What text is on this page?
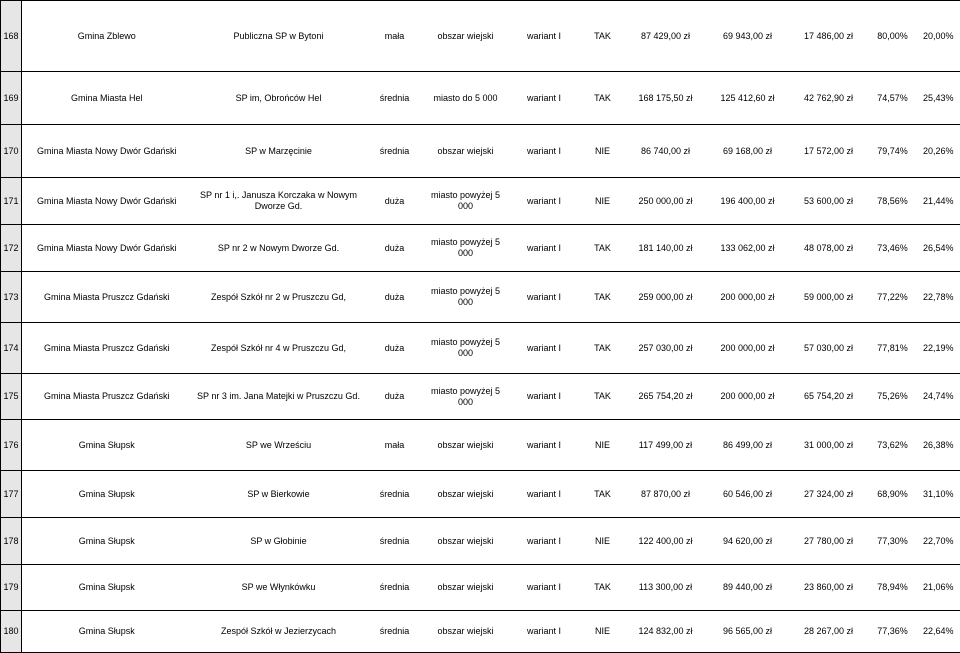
168	Gmina Zblewo	Publiczna SP w Bytoni	mała	obszar wiejski	wariant I	TAK	87 429,00 zł	69 943,00 zł	17 486,00 zł	80,00%	20,00%
169	Gmina Miasta Hel	SP im, Obrońców Hel	średnia	miasto do 5 000	wariant I	TAK	168 175,50 zł	125 412,60 zł	42 762,90 zł	74,57%	25,43%
170	Gmina Miasta Nowy Dwór Gdański	SP w Marzęcinie	średnia	obszar wiejski	wariant I	NIE	86 740,00 zł	69 168,00 zł	17 572,00 zł	79,74%	20,26%
171	Gmina Miasta Nowy Dwór Gdański	SP nr 1 i,. Janusza Korczaka w Nowym Dworze Gd.	duża	miasto powyżej 5 000	wariant I	NIE	250 000,00 zł	196 400,00 zł	53 600,00 zł	78,56%	21,44%
172	Gmina Miasta Nowy Dwór Gdański	SP nr 2 w Nowym Dworze Gd.	duża	miasto powyżej 5 000	wariant I	TAK	181 140,00 zł	133 062,00 zł	48 078,00 zł	73,46%	26,54%
173	Gmina Miasta Pruszcz Gdański	Zespół Szkół nr 2 w Pruszczu Gd,	duża	miasto powyżej 5 000	wariant I	TAK	259 000,00 zł	200 000,00 zł	59 000,00 zł	77,22%	22,78%
174	Gmina Miasta Pruszcz Gdański	Zespół Szkół nr 4 w Pruszczu Gd,	duża	miasto powyżej 5 000	wariant I	TAK	257 030,00 zł	200 000,00 zł	57 030,00 zł	77,81%	22,19%
175	Gmina Miasta Pruszcz Gdański	SP nr 3 im. Jana Matejki w Pruszczu Gd.	duża	miasto powyżej 5 000	wariant I	TAK	265 754,20 zł	200 000,00 zł	65 754,20 zł	75,26%	24,74%
176	Gmina Słupsk	SP we Wrześciu	mała	obszar wiejski	wariant I	NIE	117 499,00 zł	86 499,00 zł	31 000,00 zł	73,62%	26,38%
177	Gmina Słupsk	SP w Bierkowie	średnia	obszar wiejski	wariant I	TAK	87 870,00 zł	60 546,00 zł	27 324,00 zł	68,90%	31,10%
178	Gmina Słupsk	SP w Głobinie	średnia	obszar wiejski	wariant I	NIE	122 400,00 zł	94 620,00 zł	27 780,00 zł	77,30%	22,70%
179	Gmina Słupsk	SP we Włynkówku	średnia	obszar wiejski	wariant I	TAK	113 300,00 zł	89 440,00 zł	23 860,00 zł	78,94%	21,06%
180	Gmina Słupsk	Zespół Szkół w Jezierzycach	średnia	obszar wiejski	wariant I	NIE	124 832,00 zł	96 565,00 zł	28 267,00 zł	77,36%	22,64%
